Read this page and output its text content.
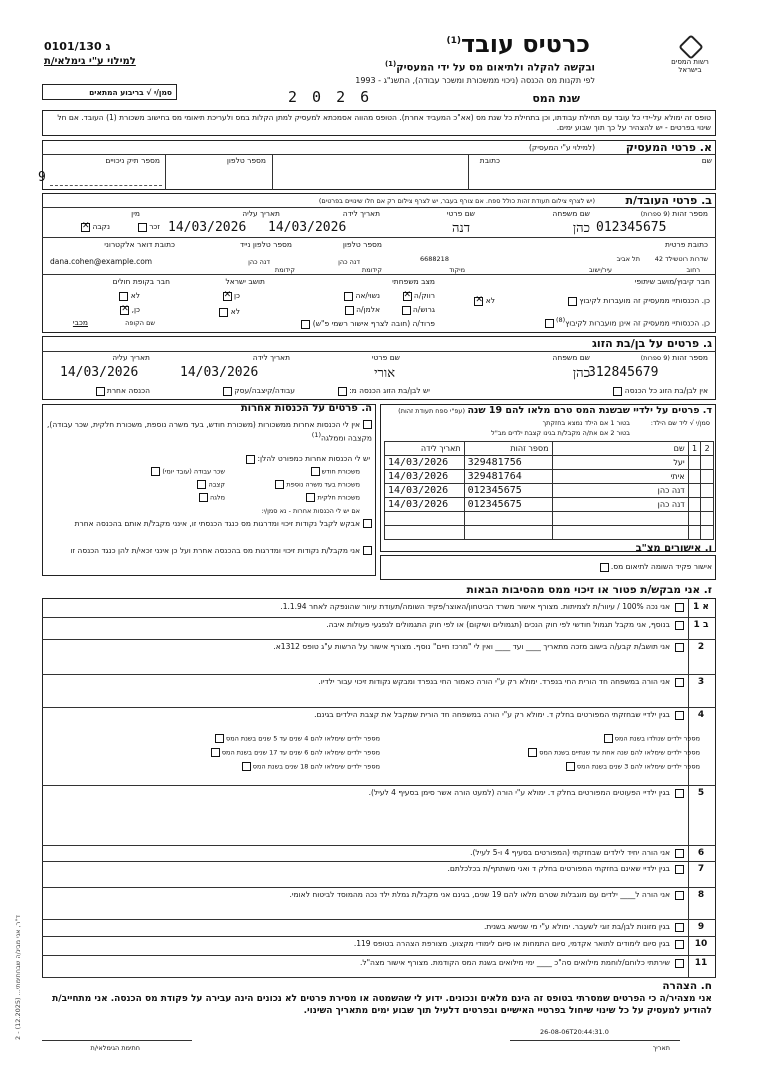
רשות המסים בישראל
כרטיס עובד$^{(1)}$
ובקשה להקלה ולתיאום מס על ידי המעסיק$^{(1)}$
לפי תקנות מס הכנסה (ניכוי ממשכורת ומשכר עבודה), התשנ"ג - 1993
שנת המס
2 0 2 6
0101/130 ג
למילוי ע"י גימלאי/ת
סמן/י √ בריבוע המתאים
טופס זה ימולא על-ידי כל עובד עם תחילת עבודתו, וכן בתחילת כל שנת מס (אא"כ המעביד אחרת). הטופס מהווה אסמכתא למעסיק למתן הקלות במס ולעריכת תיאומי מס בחישוב משכורת (1) העובד. אם חל שינוי בפרטים - יש להצהיר על כך תוך שבוע ימים.
א. פרטי המעסיק
(למילוי ע"י המעסיק)
שם
כתובת
מספר טלפון
מספר תיק ניכויים
9
ב. פרטי העובד/ת
(יש לצרף צילום תעודת זהות כולל ספח. אם צורף בעבר, יש לצרף צילום רק אם חלו שינויים בפרטים)
מספר זהות (9 ספרות)
012345675
שם משפחה
כהן
שם פרטי
דנה
תאריך לידה
14/03/2026
תאריך עליה
14/03/2026
מין
זכר
נקבה ✕
כתובת פרטית
שדרות רוטשילד 42
רחוב
תל אביב
עיר/ישוב
6688218
מיקוד
מספר טלפון
דנה כהן
קידומת
מספר טלפון נייד
דנה כהן
קידומת
כתובת דואר אלקטרוני
dana.cohen@example.com
מצב משפחתי
רווק/ה ✕
נשוי/אה
גרוש/ה
אלמן/ה
פרוד/ה (חובה לצרף אישור רשמי פ"ש)
תושב ישראל
כן ✕
לא
חבר בקופת חולים
לא
כן, ✕
שם הקופה
מכבי
חבר קיבוץ/מושב שיתופי
כן. הכנסותיי ממעסיק זה מועברות לקיבוץ
לא ✕
כן. הכנסותיי ממעסיק זה אינן מועברות לקיבוץ$^{(8)}$
ג. פרטים על בן/בת הזוג
מספר זהות (9 ספרות)
312845679
שם משפחה
כהן
שם פרטי
אורי
תאריך לידה
14/03/2026
תאריך עליה
14/03/2026
אין לבן/בת הזוג כל הכנסה
יש לבן/בת הזוג הכנסה מ:
עבודה/קיצבה/עסק
הכנסה אחרת
ד. פרטים על ילדיי שבשנת המס טרם מלאו להם 19 שנה
(עפ"י ספח תעודת זהות)
סמן/י √ ליד שם הילד:
בטור 1 אם הילד נמצא בחזקתך
בטור 2 אם את/ה מקבל/ת בגינו קצבת ילדים מב"ל
תאריך לידה	מספר זהות	שם	1	2
14/03/2026	329481756	יעל		
14/03/2026	329481764	איתי		
14/03/2026	012345675	דנה כהן		
14/03/2026	012345675	דנה כהן		

ה. פרטים על הכנסות אחרות
אין לי הכנסות אחרות ממשכורות (משכורת חודש, בעד משרה נוספת, משכורת חלקית, שכר עבודה), מקצבה וממלגה$^{(1)}$
יש לי הכנסות אחרות כמפורט להלן:
משכורת חודש
משכורת בעד משרה נוספת
משכורת חלקית
שכר עבודה (עובד יומי)
קצבה
מלגה
אם יש לי הכנסות אחרות - נא סמן/י:
אבקש לקבל נקודות זיכוי ומדרגות מס כנגד הכנסתי זו, אינני מקבל/ת אותם בהכנסה אחרת
אני מקבל/ת נקודות זיכוי ומדרגות מס בהכנסה אחרת ועל כן אינני זכאי/ת להן כנגד הכנסה זו	ו. אישורים מצ"ב
אישור פקיד השומה לתיאום מס.
ז. אני מבקש/ת פטור או זיכוי ממס מהסיבות הבאות
1 א
אני נכה 100% / עיוור/ת לצמיתות. מצורף אישור משרד הביטחון/האוצר/פקיד השומה/תעודת עיוור שהונפקה לאחר 1.1.94.
1 ב
בנוסף, אני מקבל תגמול חודשי לפי חוק הנכים (תגמולים ושיקום) או לפי חוק התגמולים לנפגעי פעולות איבה.
2
אני תושב/ת קבע/ה בישוב מזכה מתאריך ____ ועד ____ ואין לי "מרכז חיים" נוסף. מצורף אישור על הרשות ע"ג טופס 1312א.
3
אני הורה במשפחה חד הורית החי בנפרד. ימולא רק ע"י הורה כאמור החי בנפרד ומבקש נקודות זיכוי עבור ילדיו.
4
בגין ילדיי שבחזקתי המפורטים בחלק ד. ימולא רק ע"י הורה במשפחה חד הורית שמקבל את קצבת הילדים בגינם.
5
בגין ילדיי הפעוטים המפורטים בחלק ד. ימולא ע"י הורה (למעט הורה אשר סימן בסעיף 4 לעיל).
6
אני הורה יחיד לילדים שבחזקתי (המפורטים בסעיף 4 ו-5 לעיל).
7
בגין ילדיי שאינם בחזקתי המפורטים בחלק ד ואני משתתף/ת בכלכלתם.
8
אני הורה ל____ ילדים עם מוגבלות שטרם מלאו להם 19 שנים, בגינם אני מקבל/ת גמלת ילד נכה מהמוסד לביטוח לאומי.
9
בגין מזונות לבן/בת זוגי לשעבר. ימולא ע"י מי שנישא בשנית.
10
בגין סיום לימודים לתואר אקדמי, סיום התמחות או סיום לימודי מקצוע. מצורפת הצהרה בטופס 119.
11
שירתתי כלוחם/לוחמת מילואים סה"כ ____ ימי מילואים בשנת המס הקודמת. מצורף אישור מצה"ל.
מספר ילדים שנולדו בשנת המס
מספר ילדים שימלאו להם שנה אחת עד שנתיים בשנת המס
מספר ילדים שימלאו להם 3 שנים בשנת המס
מספר ילדים שימלאו להם 4 שנים עד 5 שנים בשנת המס
מספר ילדים שימלאו להם 6 שנים עד 17 שנים בשנת המס
מספר ילדים שימלאו להם 18 שנים בשנת המס
ח. הצהרה
אני מצהיר/ה כי הפרטים שמסרתי בטופס זה הינם מלאים ונכונים. ידוע לי שהשמטה או מסירת פרטים לא נכונים הינה עבירה על פקודת מס הכנסה. אני מתחייב/ת להודיע למעסיק על כל שינוי שיחול בפרטיי האישיים ובפרטים דלעיל תוך שבוע ימים מתאריך השינוי.
26-08-06T20:44:31.0
תאריך
חתימת הגימלאי/ת
ד"ר, אני מבינ/ה שבחתימתי... (12.2025) - 2
